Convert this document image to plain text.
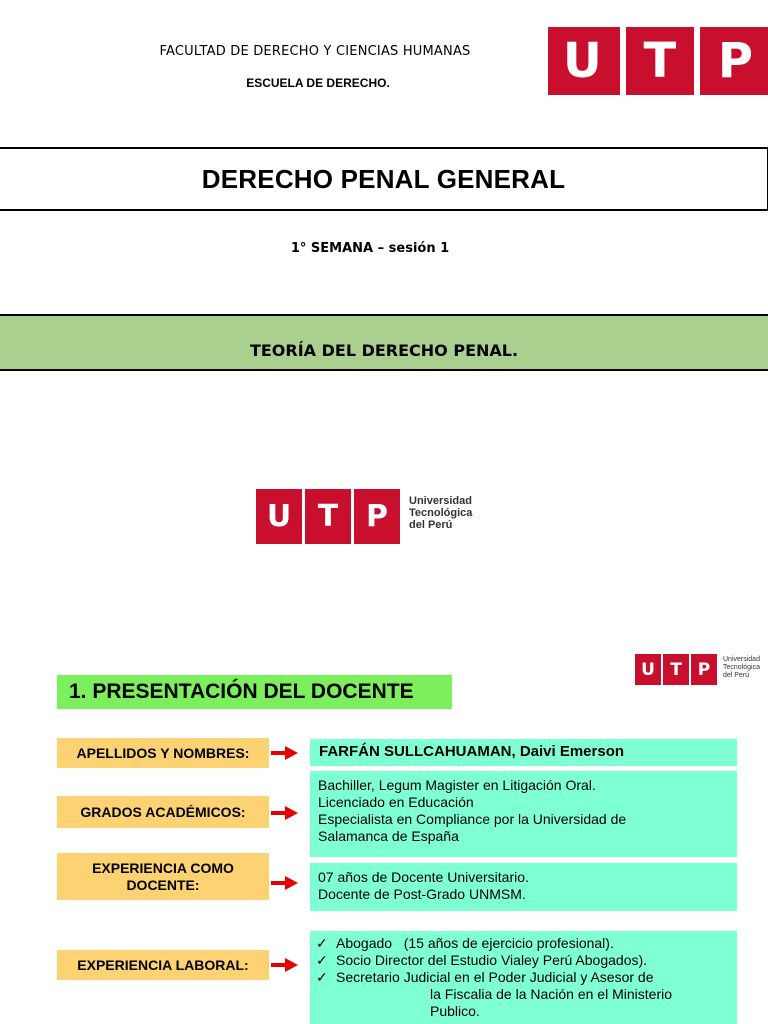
FACULTAD DE DERECHO Y CIENCIAS HUMANAS
ESCUELA DE DERECHO.	U T P
DERECHO PENAL GENERAL
1° SEMANA – sesión 1
TEORÍA DEL DERECHO PENAL.
U T P	Universidad
Tecnológica
del Perú
U T P	Universidad
Tecnológica
del Perú
1. PRESENTACIÓN DEL DOCENTE
APELLIDOS Y NOMBRES:	FARFÁN SULLCAHUAMAN, Daivi Emerson
GRADOS ACADÉMICOS:
Bachiller, Legum Magister en Litigación Oral.
Licenciado en Educación
Especialista en Compliance por la Universidad de
Salamanca de España
EXPERIENCIA COMO
DOCENTE:	07 años de Docente Universitario.
Docente de Post-Grado UNMSM.
EXPERIENCIA LABORAL:
✓ Abogado   (15 años de ejercicio profesional).
✓ Socio Director del Estudio Vialey Perú Abogados).
✓ Secretario Judicial en el Poder Judicial y Asesor de
la Fiscalia de la Nación en el Ministerio
Publico.
